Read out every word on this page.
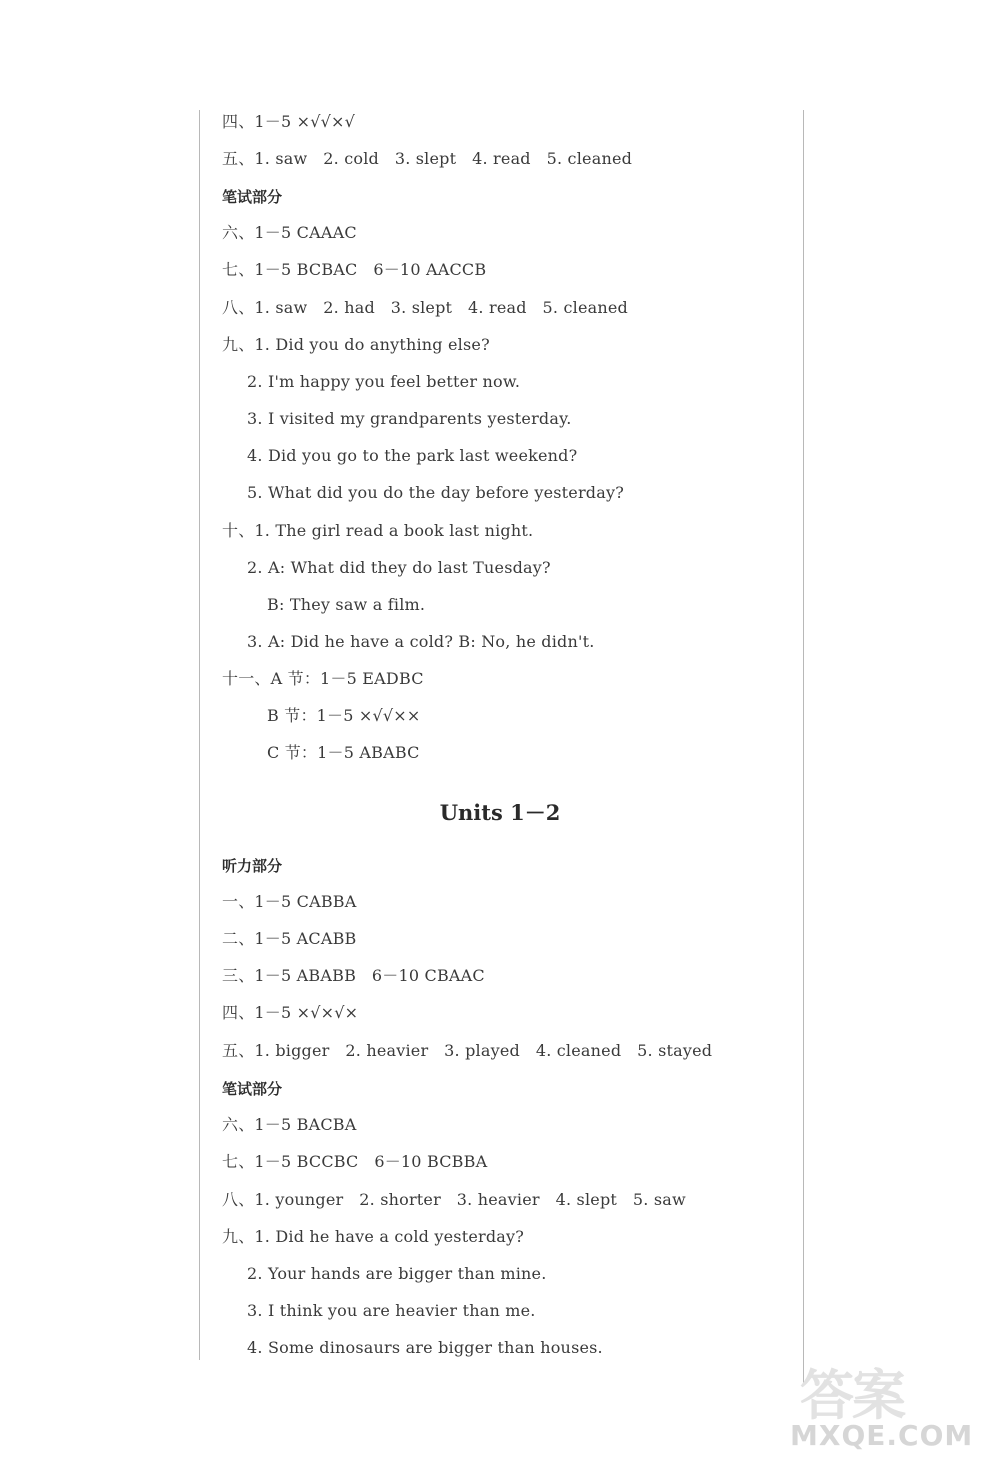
四、1－5 ×√√×√
五、1. saw   2. cold   3. slept   4. read   5. cleaned
笔试部分
六、1－5 CAAAC
七、1－5 BCBAC   6－10 AACCB
八、1. saw   2. had   3. slept   4. read   5. cleaned
九、1. Did you do anything else?
2. I'm happy you feel better now.
3. I visited my grandparents yesterday.
4. Did you go to the park last weekend?
5. What did you do the day before yesterday?
十、1. The girl read a book last night.
2. A: What did they do last Tuesday?
B: They saw a film.
3. A: Did he have a cold? B: No, he didn't.
十一、A 节：1－5 EADBC
B 节：1－5 ×√√××
C 节：1－5 ABABC
Units 1－2
听力部分
一、1－5 CABBA
二、1－5 ACABB
三、1－5 ABABB   6－10 CBAAC
四、1－5 ×√×√×
五、1. bigger   2. heavier   3. played   4. cleaned   5. stayed
笔试部分
六、1－5 BACBA
七、1－5 BCCBC   6－10 BCBBA
八、1. younger   2. shorter   3. heavier   4. slept   5. saw
九、1. Did he have a cold yesterday?
2. Your hands are bigger than mine.
3. I think you are heavier than me.
4. Some dinosaurs are bigger than houses.
答案
MXQE.COM
